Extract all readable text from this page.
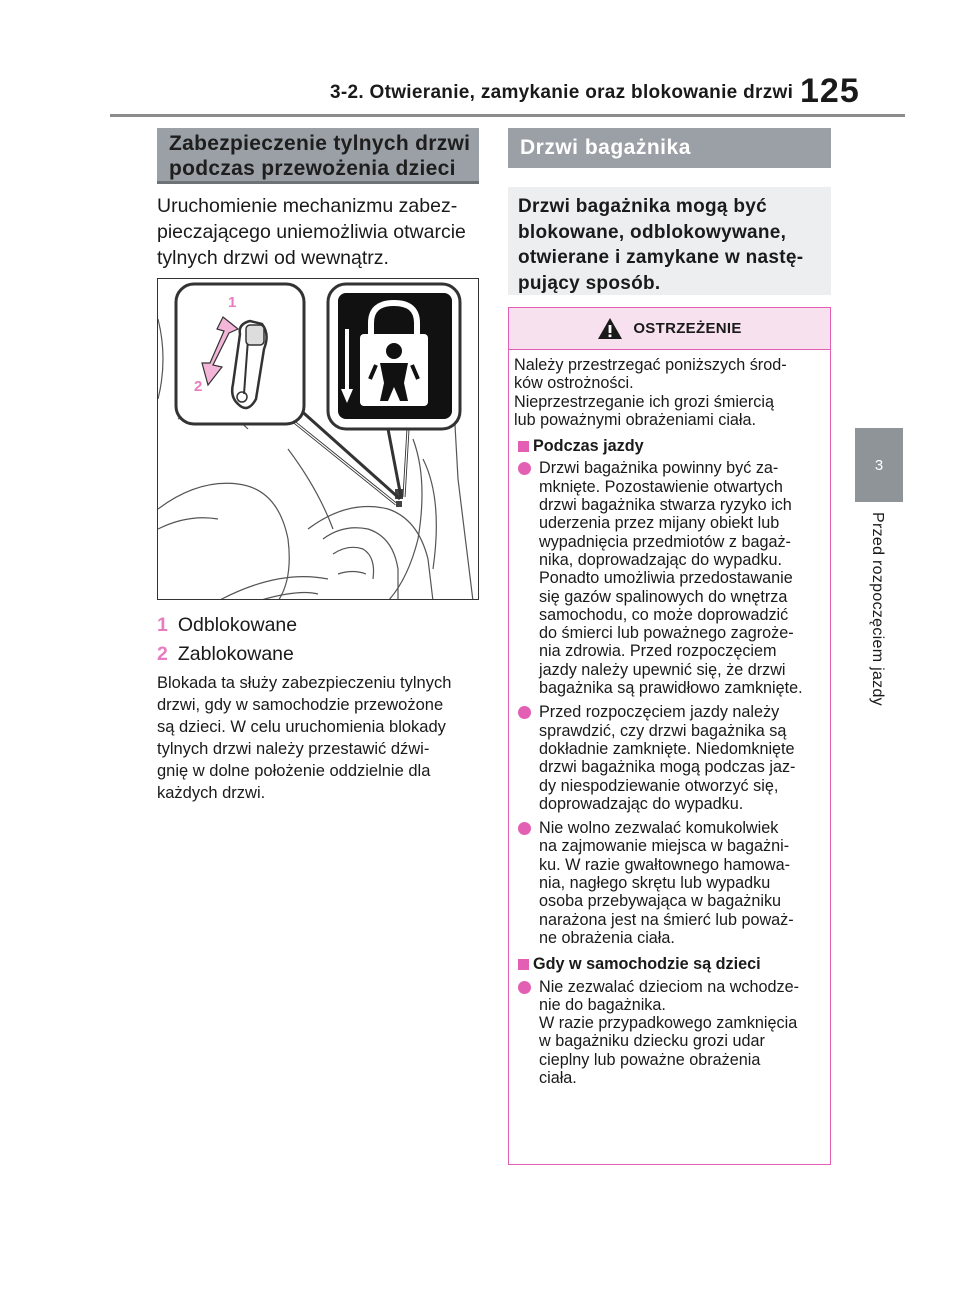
3-2. Otwieranie, zamykanie oraz blokowanie drzwi 125
3
Przed rozpoczęciem jazdy
Zabezpieczenie tylnych drzwi
podczas przewożenia dzieci
Uruchomienie mechanizmu zabez-
pieczającego uniemożliwia otwarcie
tylnych drzwi od wewnątrz.
1
2
1 Odblokowane
2 Zablokowane
Blokada ta służy zabezpieczeniu tylnych
drzwi, gdy w samochodzie przewożone
są dzieci. W celu uruchomienia blokady
tylnych drzwi należy przestawić dźwi-
gnię w dolne położenie oddzielnie dla
każdych drzwi.
Drzwi bagażnika
Drzwi bagażnika mogą być
blokowane, odblokowywane,
otwierane i zamykane w nastę-
pujący sposób.
OSTRZEŻENIE

Należy przestrzegać poniższych środ-
ków ostrożności.
Nieprzestrzeganie ich grozi śmiercią
lub poważnymi obrażeniami ciała.

Podczas jazdy
Drzwi bagażnika powinny być za-
mknięte. Pozostawienie otwartych
drzwi bagażnika stwarza ryzyko ich
uderzenia przez mijany obiekt lub
wypadnięcia przedmiotów z bagaż-
nika, doprowadzając do wypadku.
Ponadto umożliwia przedostawanie
się gazów spalinowych do wnętrza
samochodu, co może doprowadzić
do śmierci lub poważnego zagroże-
nia zdrowia. Przed rozpoczęciem
jazdy należy upewnić się, że drzwi
bagażnika są prawidłowo zamknięte.
Przed rozpoczęciem jazdy należy
sprawdzić, czy drzwi bagażnika są
dokładnie zamknięte. Niedomknięte
drzwi bagażnika mogą podczas jaz-
dy niespodziewanie otworzyć się,
doprowadzając do wypadku.
Nie wolno zezwalać komukolwiek
na zajmowanie miejsca w bagażni-
ku. W razie gwałtownego hamowa-
nia, nagłego skrętu lub wypadku
osoba przebywająca w bagażniku
narażona jest na śmierć lub poważ-
ne obrażenia ciała.
Gdy w samochodzie są dzieci
Nie zezwalać dzieciom na wchodze-
nie do bagażnika.
W razie przypadkowego zamknięcia
w bagażniku dziecku grozi udar
cieplny lub poważne obrażenia
ciała.
